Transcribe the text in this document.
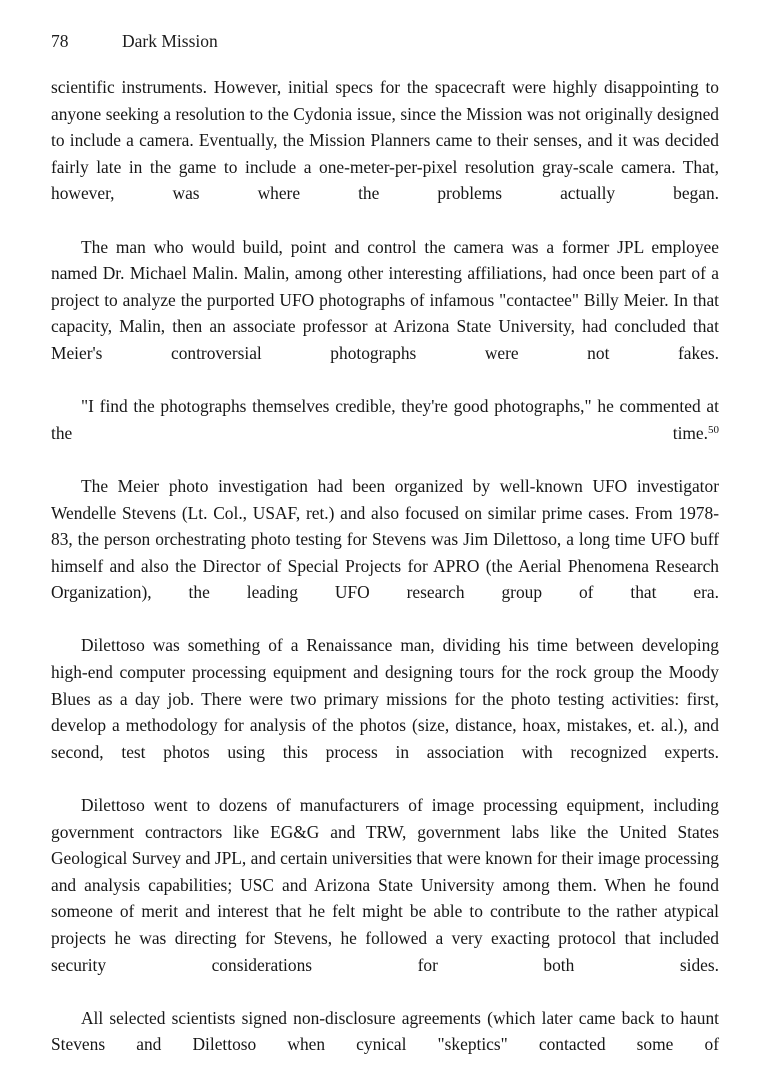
78	Dark Mission

scientific instruments. However, initial specs for the spacecraft were highly disappointing to anyone seeking a resolution to the Cydonia issue, since the Mission was not originally designed to include a camera. Eventually, the Mission Planners came to their senses, and it was decided fairly late in the game to include a one-meter-per-pixel resolution gray-scale camera. That, however, was where the problems actually began.

The man who would build, point and control the camera was a former JPL employee named Dr. Michael Malin. Malin, among other interesting affiliations, had once been part of a project to analyze the purported UFO photographs of infamous "contactee" Billy Meier. In that capacity, Malin, then an associate professor at Arizona State University, had concluded that Meier's controversial photographs were not fakes.

"I find the photographs themselves credible, they're good photographs," he commented at the time.$^{50}$

The Meier photo investigation had been organized by well-known UFO investigator Wendelle Stevens (Lt. Col., USAF, ret.) and also focused on similar prime cases. From 1978-83, the person orchestrating photo testing for Stevens was Jim Dilettoso, a long time UFO buff himself and also the Director of Special Projects for APRO (the Aerial Phenomena Research Organization), the leading UFO research group of that era.

Dilettoso was something of a Renaissance man, dividing his time between developing high-end computer processing equipment and designing tours for the rock group the Moody Blues as a day job. There were two primary missions for the photo testing activities: first, develop a methodology for analysis of the photos (size, distance, hoax, mistakes, et. al.), and second, test photos using this process in association with recognized experts.

Dilettoso went to dozens of manufacturers of image processing equipment, including government contractors like EG&G and TRW, government labs like the United States Geological Survey and JPL, and certain universities that were known for their image processing and analysis capabilities; USC and Arizona State University among them. When he found someone of merit and interest that he felt might be able to contribute to the rather atypical projects he was directing for Stevens, he followed a very exacting protocol that included security considerations for both sides.

All selected scientists signed non-disclosure agreements (which later came back to haunt Stevens and Dilettoso when cynical "skeptics" contacted some of
